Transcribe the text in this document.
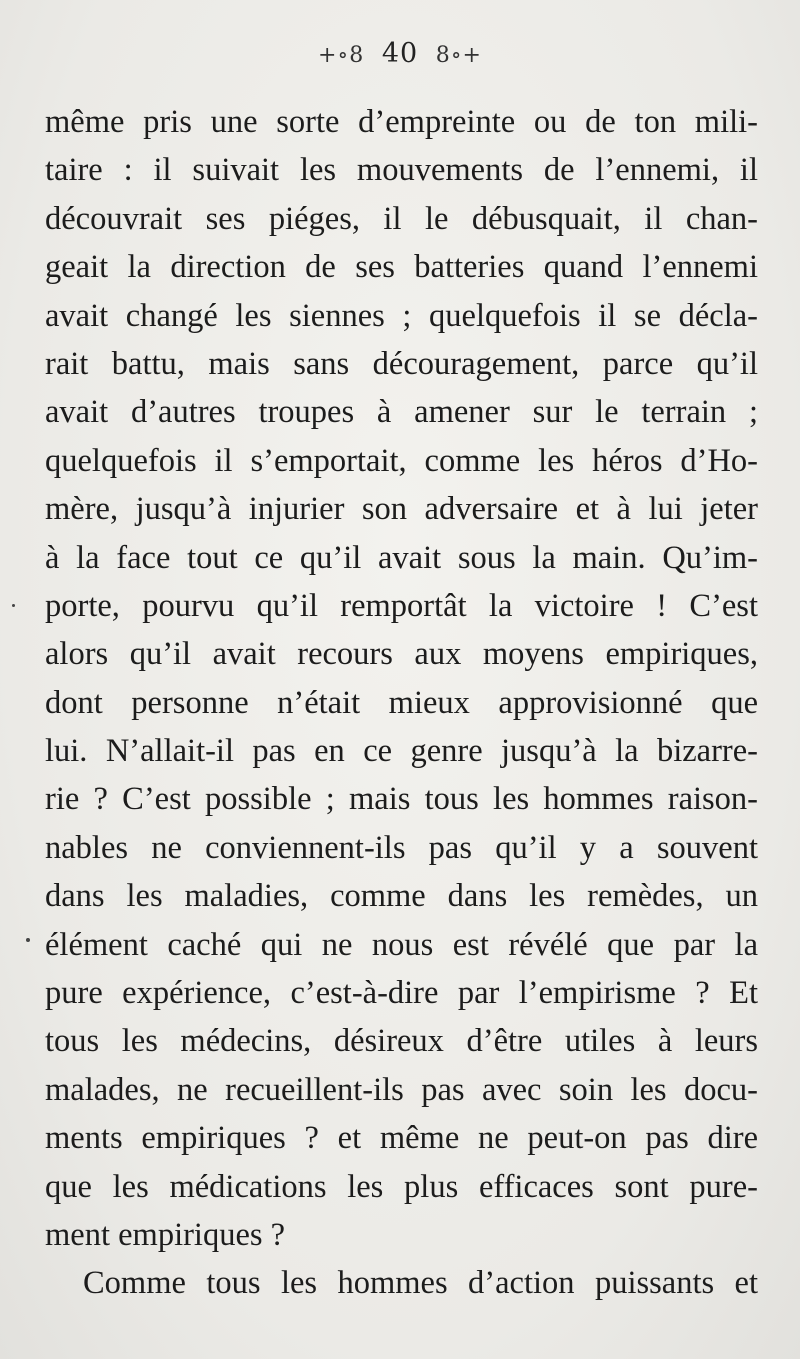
+∘8 40 8∘+
même pris une sorte d’empreinte ou de ton mili-
taire : il suivait les mouvements de l’ennemi, il
découvrait ses piéges, il le débusquait, il chan-
geait la direction de ses batteries quand l’ennemi
avait changé les siennes ; quelquefois il se décla-
rait battu, mais sans découragement, parce qu’il
avait d’autres troupes à amener sur le terrain ;
quelquefois il s’emportait, comme les héros d’Ho-
mère, jusqu’à injurier son adversaire et à lui jeter
à la face tout ce qu’il avait sous la main. Qu’im-
porte, pourvu qu’il remportât la victoire ! C’est
alors qu’il avait recours aux moyens empiriques,
dont personne n’était mieux approvisionné que
lui. N’allait-il pas en ce genre jusqu’à la bizarre-
rie ? C’est possible ; mais tous les hommes raison-
nables ne conviennent-ils pas qu’il y a souvent
dans les maladies, comme dans les remèdes, un
élément caché qui ne nous est révélé que par la
pure expérience, c’est-à-dire par l’empirisme ? Et
tous les médecins, désireux d’être utiles à leurs
malades, ne recueillent-ils pas avec soin les docu-
ments empiriques ? et même ne peut-on pas dire
que les médications les plus efficaces sont pure-
ment empiriques ?
Comme tous les hommes d’action puissants et
